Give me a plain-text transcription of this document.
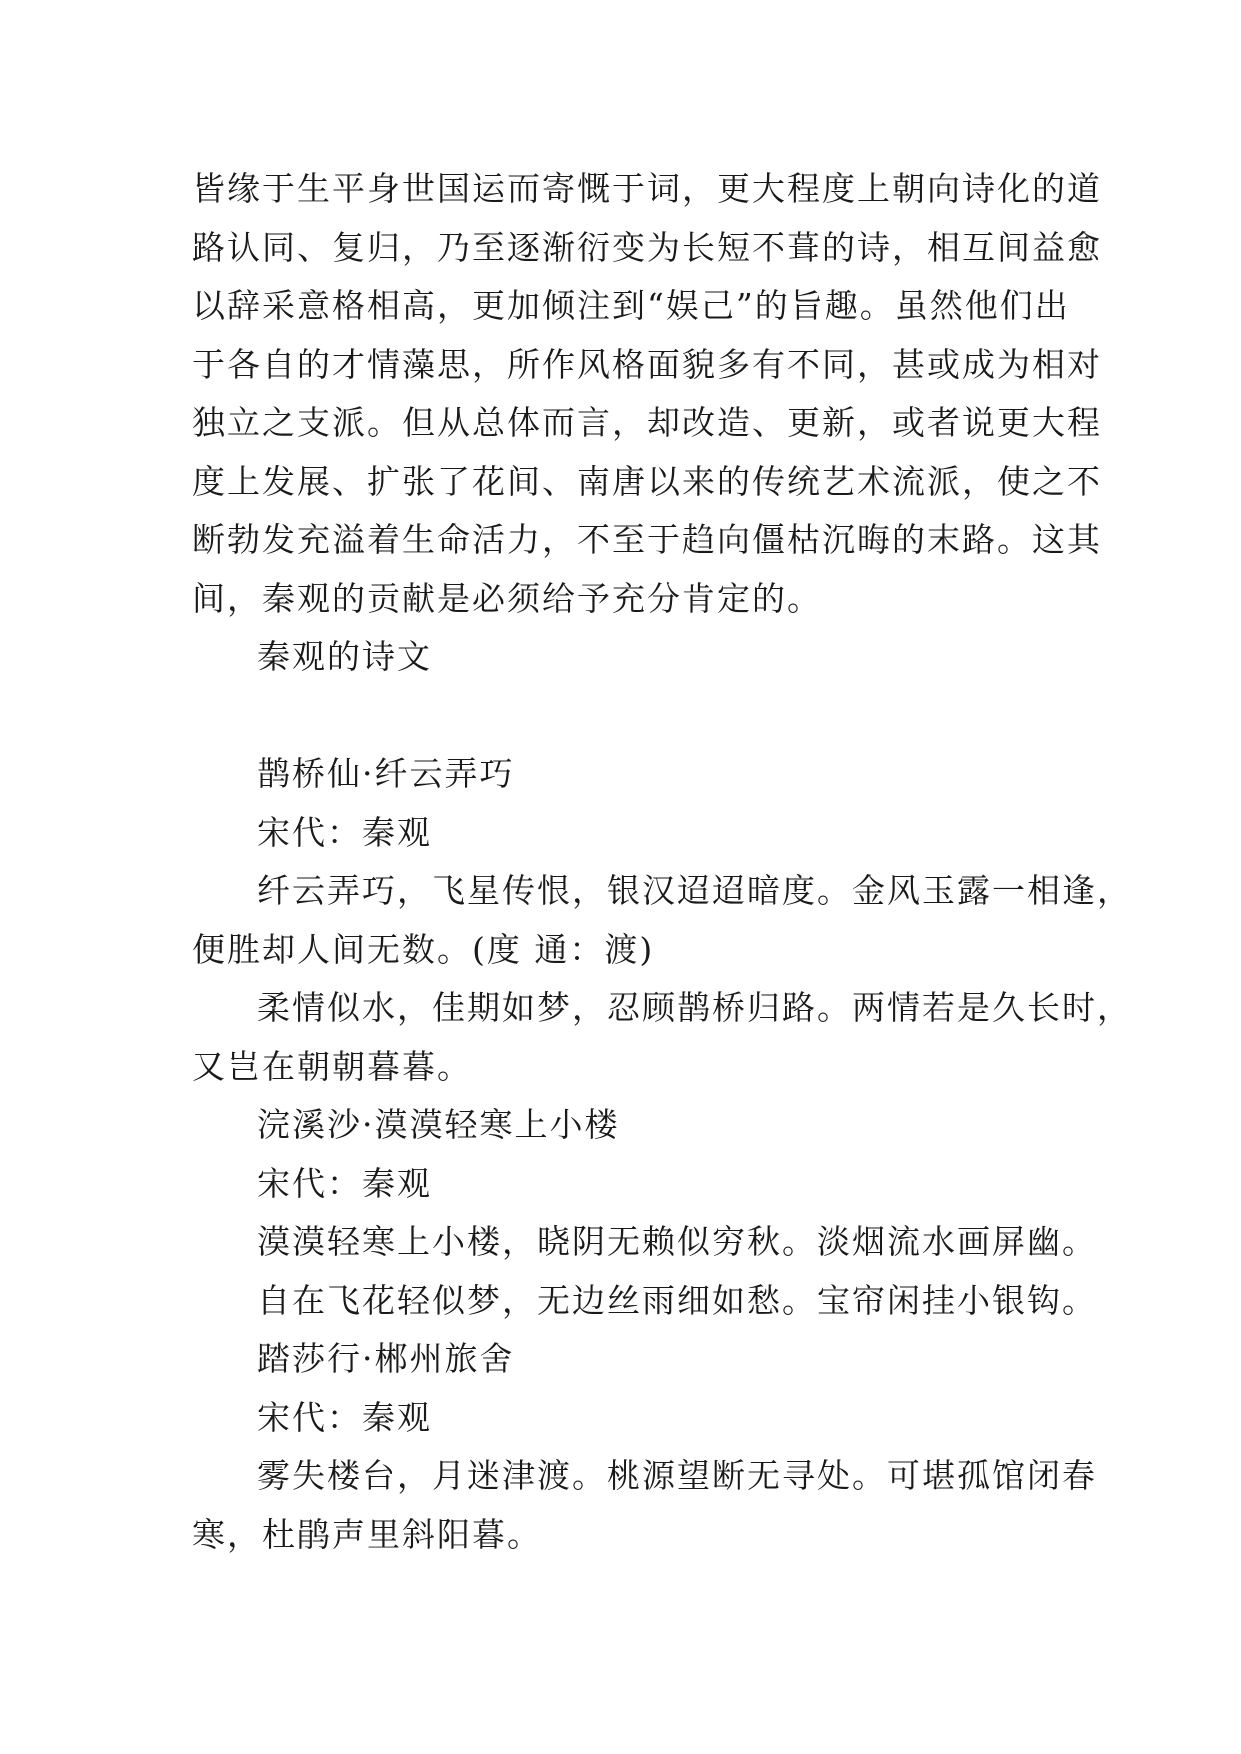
皆缘于生平身世国运而寄慨于词，更大程度上朝向诗化的道
路认同、复归，乃至逐渐衍变为长短不葺的诗，相互间益愈
以辞采意格相高，更加倾注到“娱己”的旨趣。虽然他们出
于各自的才情藻思，所作风格面貌多有不同，甚或成为相对
独立之支派。但从总体而言，却改造、更新，或者说更大程
度上发展、扩张了花间、南唐以来的传统艺术流派，使之不
断勃发充溢着生命活力，不至于趋向僵枯沉晦的末路。这其
间，秦观的贡献是必须给予充分肯定的。
秦观的诗文
鹊桥仙·纤云弄巧
宋代：秦观
纤云弄巧，飞星传恨，银汉迢迢暗度。金风玉露一相逢，
便胜却人间无数。(度 通：渡)
柔情似水，佳期如梦，忍顾鹊桥归路。两情若是久长时，
又岂在朝朝暮暮。
浣溪沙·漠漠轻寒上小楼
宋代：秦观
漠漠轻寒上小楼，晓阴无赖似穷秋。淡烟流水画屏幽。
自在飞花轻似梦，无边丝雨细如愁。宝帘闲挂小银钩。
踏莎行·郴州旅舍
宋代：秦观
雾失楼台，月迷津渡。桃源望断无寻处。可堪孤馆闭春
寒，杜鹃声里斜阳暮。
